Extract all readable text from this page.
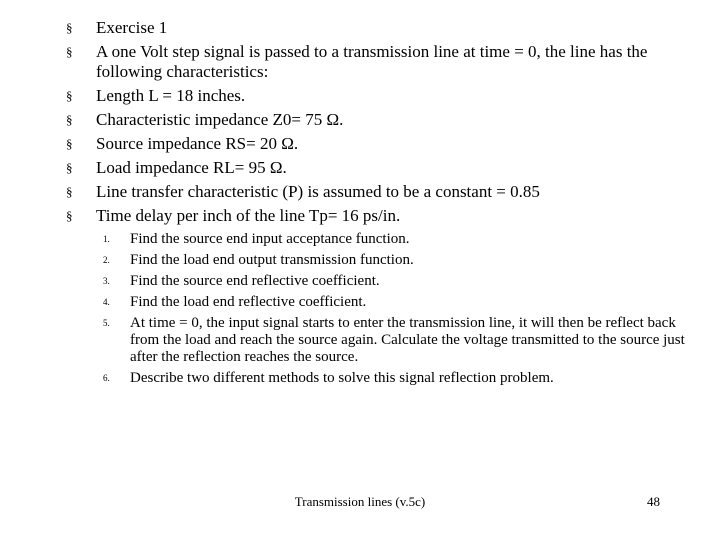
§	Exercise 1
§	A one Volt step signal is passed to a transmission line at time = 0, the line has the following characteristics:
§	Length L = 18 inches.
§	Characteristic impedance Z0= 75 Ω.
§	Source impedance RS= 20 Ω.
§	Load impedance RL= 95 Ω.
§	Line transfer characteristic (P) is assumed to be a constant = 0.85
§	Time delay per inch of the line Tp= 16 ps/in.
1.	Find the source end input acceptance function.
2.	Find the load end output transmission function.
3.	Find the source end reflective coefficient.
4.	Find the load end reflective coefficient.
5.	At time = 0, the input signal starts to enter the transmission line, it will then be reflect back from the load and reach the source again. Calculate the voltage transmitted to the source just after the reflection reaches the source.
6.	Describe two different methods to solve this signal reflection problem.
Transmission lines (v.5c)	48
